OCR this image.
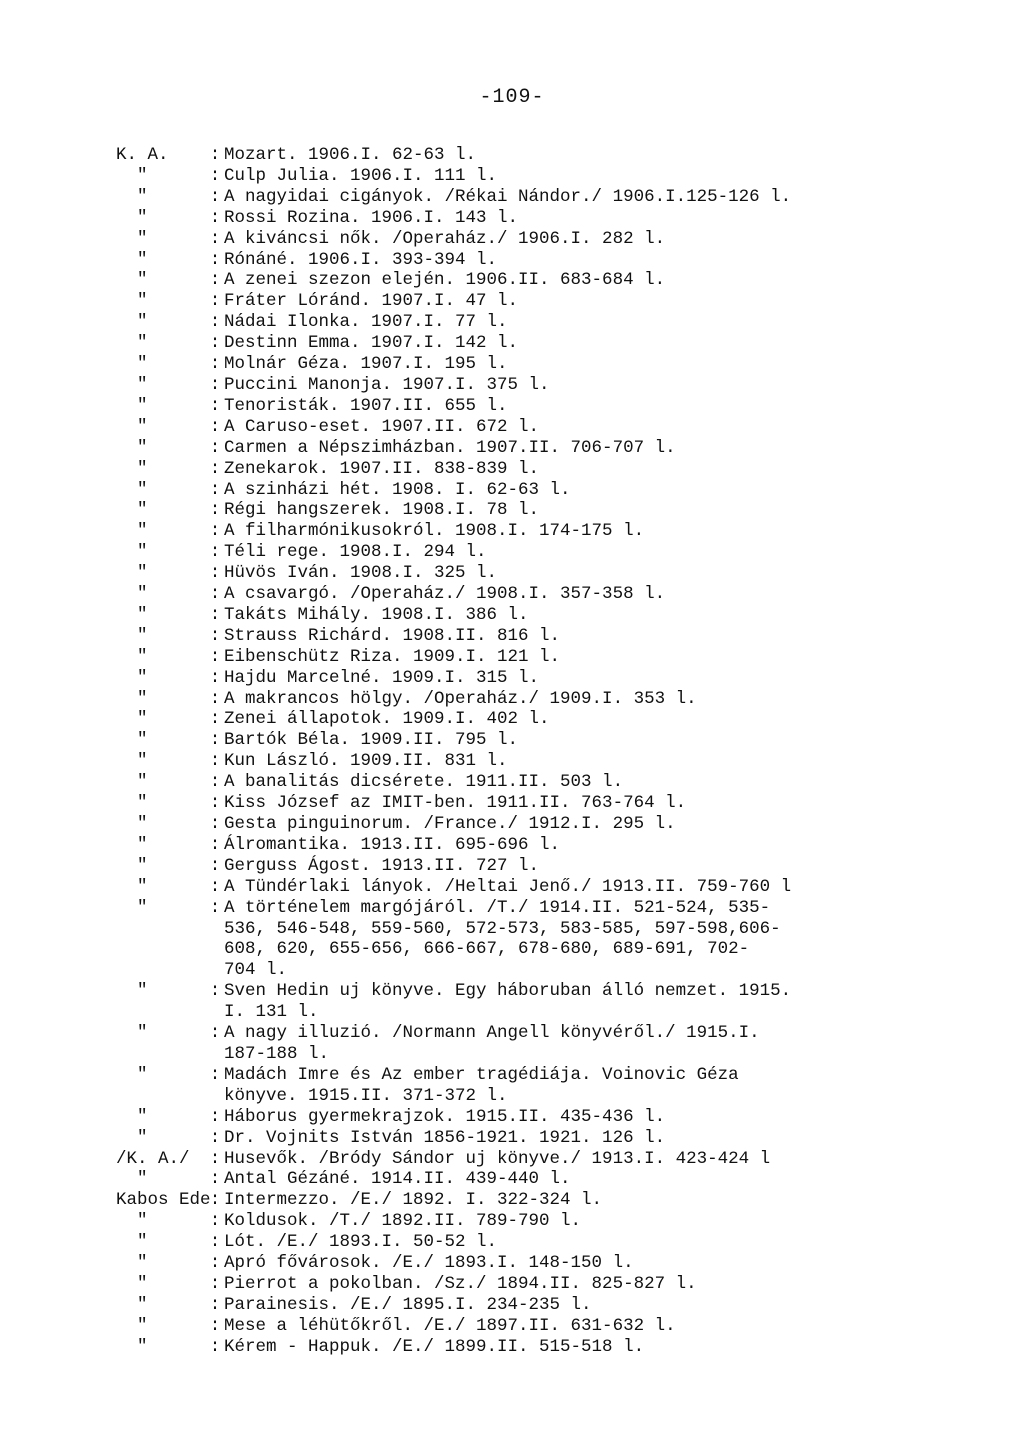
-109-
K. A.	: Mozart. 1906.I. 62-63 l.
"	: Culp Julia. 1906.I. 111 l.
"	: A nagyidai cigányok. /Rékai Nándor./ 1906.I.125-126 l.
"	: Rossi Rozina. 1906.I. 143 l.
"	: A kiváncsi nők. /Operaház./ 1906.I. 282 l.
"	: Rónáné. 1906.I. 393-394 l.
"	: A zenei szezon elején. 1906.II. 683-684 l.
"	: Fráter Lóránd. 1907.I. 47 l.
"	: Nádai Ilonka. 1907.I. 77 l.
"	: Destinn Emma. 1907.I. 142 l.
"	: Molnár Géza. 1907.I. 195 l.
"	: Puccini Manonja. 1907.I. 375 l.
"	: Tenoristák. 1907.II. 655 l.
"	: A Caruso-eset. 1907.II. 672 l.
"	: Carmen a Népszimházban. 1907.II. 706-707 l.
"	: Zenekarok. 1907.II. 838-839 l.
"	: A szinházi hét. 1908. I. 62-63 l.
"	: Régi hangszerek. 1908.I. 78 l.
"	: A filharmónikusokról. 1908.I. 174-175 l.
"	: Téli rege. 1908.I. 294 l.
"	: Hüvös Iván. 1908.I. 325 l.
"	: A csavargó. /Operaház./ 1908.I. 357-358 l.
"	: Takáts Mihály. 1908.I. 386 l.
"	: Strauss Richárd. 1908.II. 816 l.
"	: Eibenschütz Riza. 1909.I. 121 l.
"	: Hajdu Marcelné. 1909.I. 315 l.
"	: A makrancos hölgy. /Operaház./ 1909.I. 353 l.
"	: Zenei állapotok. 1909.I. 402 l.
"	: Bartók Béla. 1909.II. 795 l.
"	: Kun László. 1909.II. 831 l.
"	: A banalitás dicsérete. 1911.II. 503 l.
"	: Kiss József az IMIT-ben. 1911.II. 763-764 l.
"	: Gesta pinguinorum. /France./ 1912.I. 295 l.
"	: Álromantika. 1913.II. 695-696 l.
"	: Gerguss Ágost. 1913.II. 727 l.
"	: A Tündérlaki lányok. /Heltai Jenő./ 1913.II. 759-760 l
"	: A történelem margójáról. /T./ 1914.II. 521-524, 535-
536, 546-548, 559-560, 572-573, 583-585, 597-598,606-
608, 620, 655-656, 666-667, 678-680, 689-691, 702-
704 l.
"	: Sven Hedin uj könyve. Egy háboruban álló nemzet. 1915.
I. 131 l.
"	: A nagy illuzió. /Normann Angell könyvéről./ 1915.I.
187-188 l.
"	: Madách Imre és Az ember tragédiája. Voinovic Géza
könyve. 1915.II. 371-372 l.
"	: Háborus gyermekrajzok. 1915.II. 435-436 l.
"	: Dr. Vojnits István 1856-1921. 1921. 126 l.
/K. A./	: Husevők. /Bródy Sándor uj könyve./ 1913.I. 423-424 l
"	: Antal Gézáné. 1914.II. 439-440 l.
Kabos Ede : Intermezzo. /E./ 1892. I. 322-324 l.
"	: Koldusok. /T./ 1892.II. 789-790 l.
"	: Lót. /E./ 1893.I. 50-52 l.
"	: Apró fővárosok. /E./ 1893.I. 148-150 l.
"	: Pierrot a pokolban. /Sz./ 1894.II. 825-827 l.
"	: Parainesis. /E./ 1895.I. 234-235 l.
"	: Mese a léhütőkről. /E./ 1897.II. 631-632 l.
"	: Kérem - Happuk. /E./ 1899.II. 515-518 l.
